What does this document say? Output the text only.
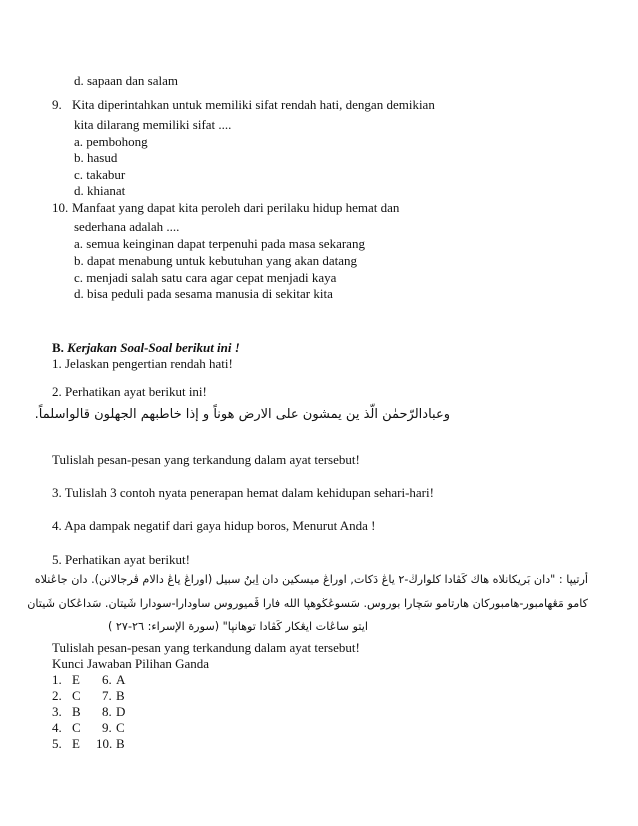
d. sapaan dan salam
9. Kita diperintahkan untuk memiliki sifat rendah hati, dengan demikian
kita dilarang memiliki sifat ....
a. pembohong
b. hasud
c. takabur
d. khianat
10. Manfaat yang dapat kita peroleh dari perilaku hidup hemat dan
sederhana adalah ....
a. semua keinginan dapat terpenuhi pada masa sekarang
b. dapat menabung untuk kebutuhan yang akan datang
c. menjadi salah satu cara agar cepat menjadi kaya
d. bisa peduli pada sesama manusia di sekitar kita
B. Kerjakan Soal-Soal berikut ini !
1. Jelaskan pengertian rendah hati!
2. Perhatikan ayat berikut ini!
وعبادالرّحمٰن الّذ ين يمشون على الارض هوناً و إذا خاطبهم الجهلون قالواسلماً.
Tulislah pesan-pesan yang terkandung dalam ayat tersebut!
3. Tulislah 3 contoh nyata penerapan hemat dalam kehidupan sehari-hari!
4. Apa dampak negatif dari gaya hidup boros, Menurut Anda !
5. Perhatikan ayat berikut!
أرتيپا : "دان بَريكانلاه هاك كَڤادا كلوارڬ-٢ ياڠ دَكات, اوراڠ ميسكين دان اِبنُ سبيل (اوراڠ ياڠ دالام ڤرجالانن). دان جاڠنلاه
كامو مَڠهامبور-هامبوركان هارتامو سَچارا بوروس. سَسوڠڬوهڽا الله فارا ڤَميوروس ساودارا-سودارا شَيتان. سَداڠكان شَيتان
ايتو ساڠات ايڠكار كَڤادا توهانڽا" (سورة الإسراء: ٢٦-٢٧ )
Tulislah pesan-pesan yang terkandung dalam ayat tersebut!
Kunci Jawaban Pilihan Ganda
1. E 6. A
2. C 7. B
3. B 8. D
4. C 9. C
5. E 10. B
